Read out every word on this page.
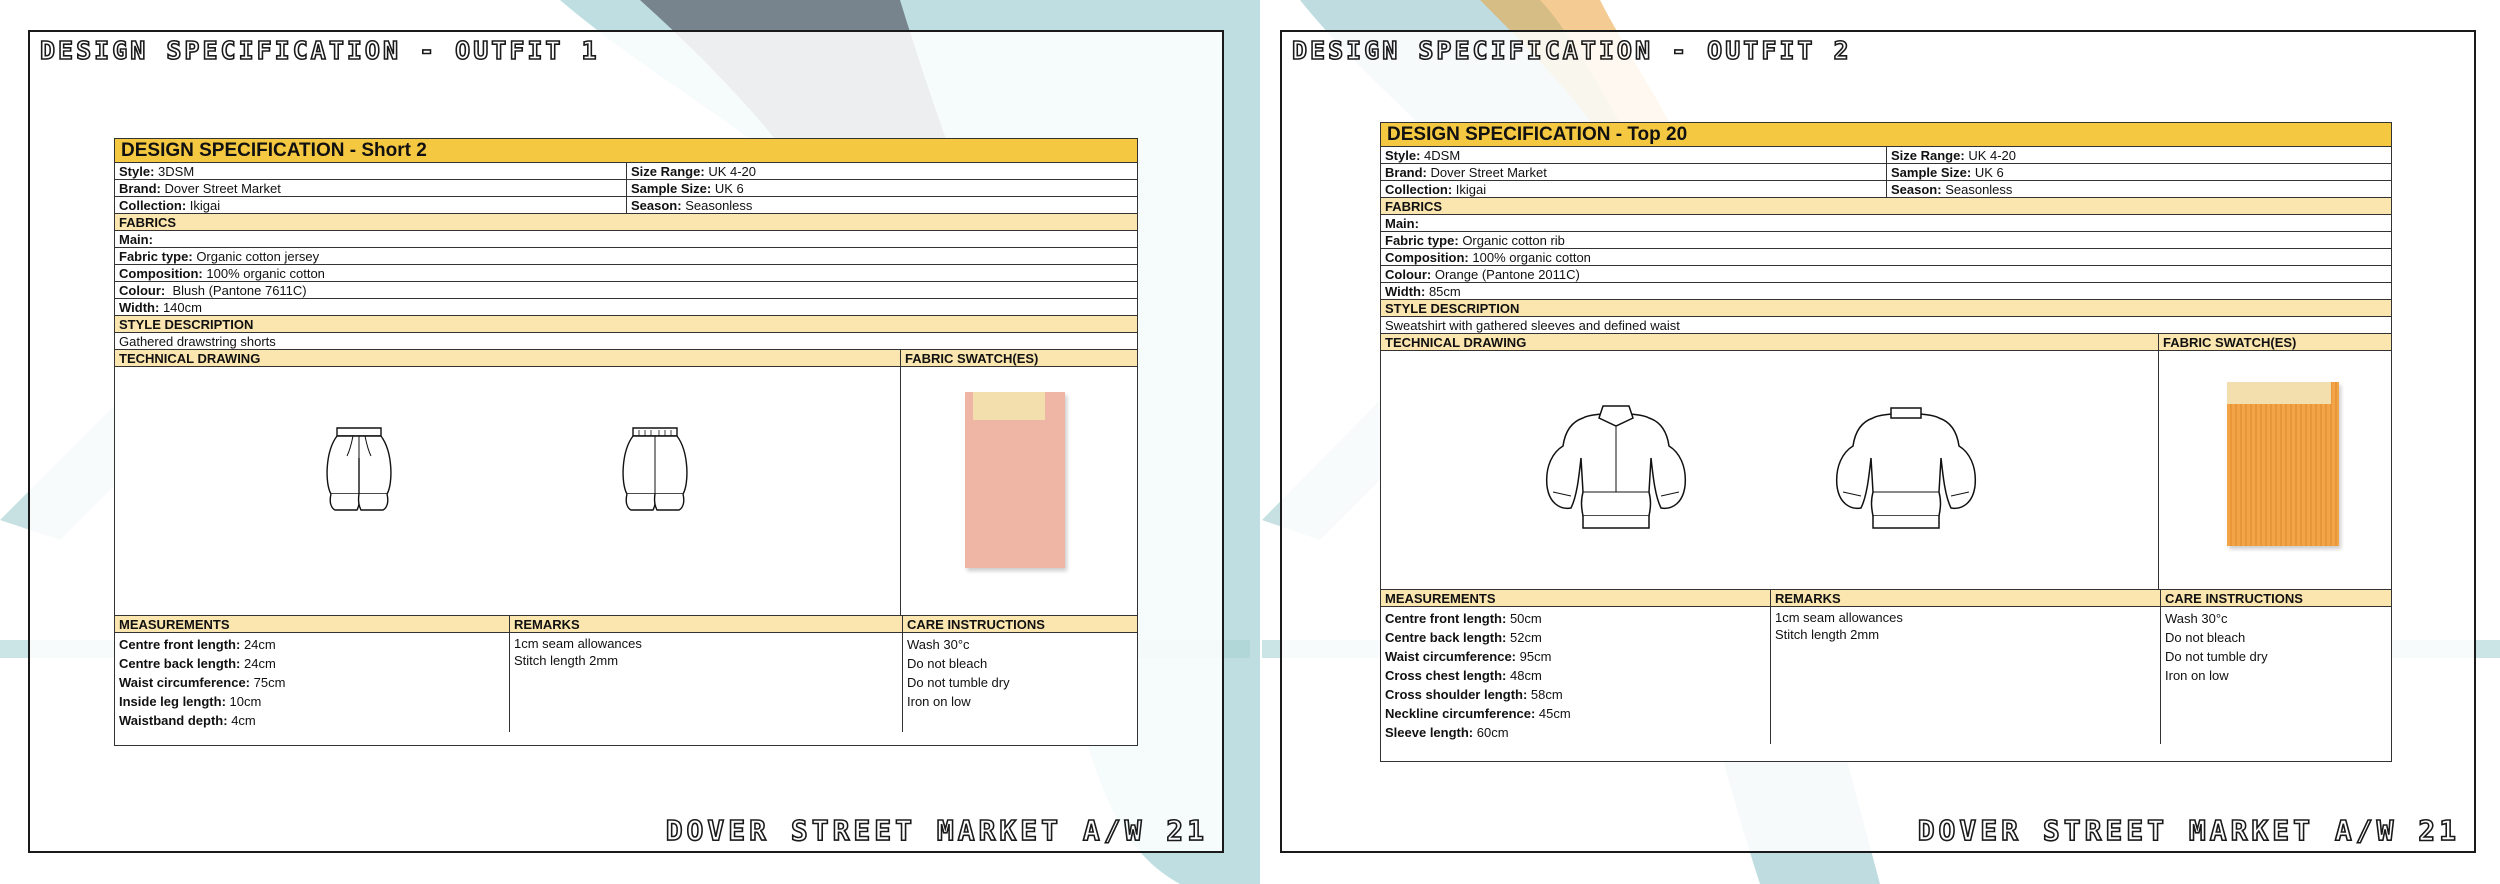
DESIGN SPECIFICATION - OUTFIT 1
DESIGN SPECIFICATION - Short 2
Style: 3DSM	Size Range: UK 4-20
Brand: Dover Street Market	Sample Size: UK 6
Collection: Ikigai	Season: Seasonless
FABRICS
Main:
Fabric type: Organic cotton jersey
Composition: 100% organic cotton
Colour:  Blush (Pantone 7611C)
Width: 140cm
STYLE DESCRIPTION
Gathered drawstring shorts
TECHNICAL DRAWING	FABRIC SWATCH(ES)
MEASUREMENTS
Centre front length: 24cm
Centre back length: 24cm
Waist circumference: 75cm
Inside leg length: 10cm
Waistband depth: 4cm
REMARKS
1cm seam allowances
Stitch length 2mm
CARE INSTRUCTIONS
Wash 30°c
Do not bleach
Do not tumble dry
Iron on low
DOVER STREET MARKET A/W 21
DESIGN SPECIFICATION - OUTFIT 2
DESIGN SPECIFICATION - Top 20
Style: 4DSM	Size Range: UK 4-20
Brand: Dover Street Market	Sample Size: UK 6
Collection: Ikigai	Season: Seasonless
FABRICS
Main:
Fabric type: Organic cotton rib
Composition: 100% organic cotton
Colour: Orange (Pantone 2011C)
Width: 85cm
STYLE DESCRIPTION
Sweatshirt with gathered sleeves and defined waist
TECHNICAL DRAWING	FABRIC SWATCH(ES)
MEASUREMENTS
Centre front length: 50cm
Centre back length: 52cm
Waist circumference: 95cm
Cross chest length: 48cm
Cross shoulder length: 58cm
Neckline circumference: 45cm
Sleeve length: 60cm
REMARKS
1cm seam allowances
Stitch length 2mm
CARE INSTRUCTIONS
Wash 30°c
Do not bleach
Do not tumble dry
Iron on low
DOVER STREET MARKET A/W 21
